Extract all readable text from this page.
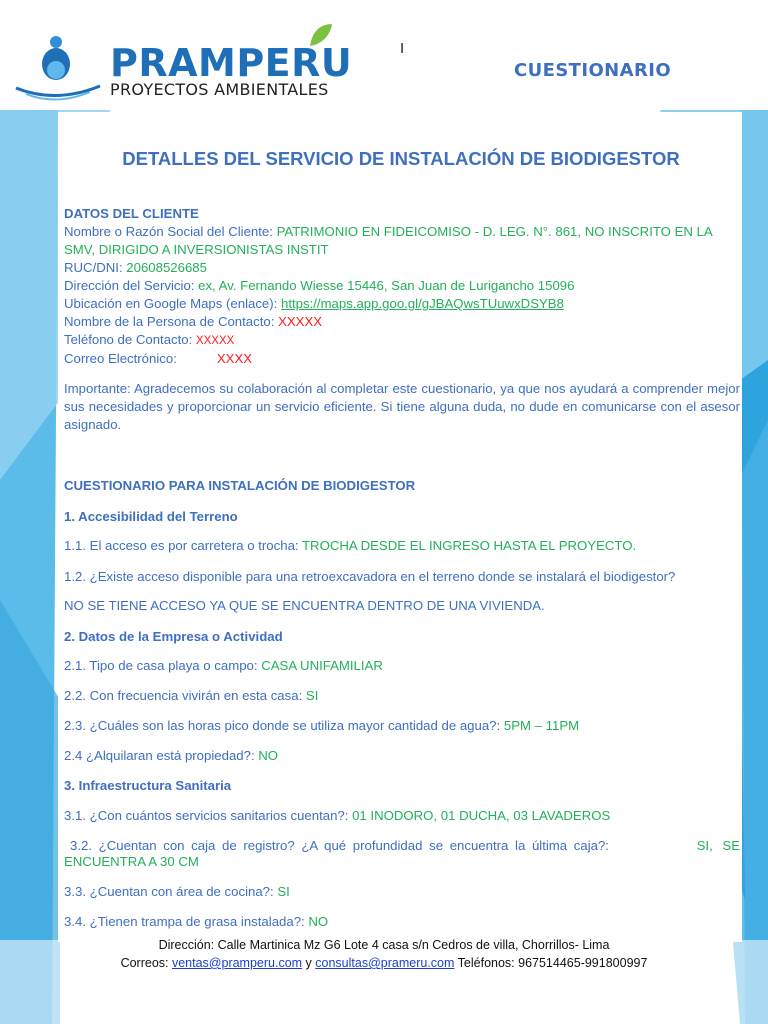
PRAMPERU
PROYECTOS AMBIENTALES
I
CUESTIONARIO
DETALLES DEL SERVICIO DE INSTALACIÓN DE BIODIGESTOR
DATOS DEL CLIENTE
Nombre o Razón Social del Cliente: PATRIMONIO EN FIDEICOMISO - D. LEG. N°. 861, NO INSCRITO EN LA SMV, DIRIGIDO A INVERSIONISTAS INSTIT
RUC/DNI: 20608526685
Dirección del Servicio: ex, Av. Fernando Wiesse 15446, San Juan de Lurigancho 15096
Ubicación en Google Maps (enlace): https://maps.app.goo.gl/gJBAQwsTUuwxDSYB8
Nombre de la Persona de Contacto: XXXXX
Teléfono de Contacto: XXXXX
Correo Electrónico:	XXXX
Importante: Agradecemos su colaboración al completar este cuestionario, ya que nos ayudará a comprender mejor sus necesidades y proporcionar un servicio eficiente. Si tiene alguna duda, no dude en comunicarse con el asesor asignado.
CUESTIONARIO PARA INSTALACIÓN DE BIODIGESTOR
1. Accesibilidad del Terreno
1.1. El acceso es por carretera o trocha: TROCHA DESDE EL INGRESO HASTA EL PROYECTO.
1.2. ¿Existe acceso disponible para una retroexcavadora en el terreno donde se instalará el biodigestor?
NO SE TIENE ACCESO YA QUE SE ENCUENTRA DENTRO DE UNA VIVIENDA.
2. Datos de la Empresa o Actividad
2.1. Tipo de casa playa o campo: CASA UNIFAMILIAR
2.2. Con frecuencia vivirán en esta casa: SI
2.3. ¿Cuáles son las horas pico donde se utiliza mayor cantidad de agua?: 5PM – 11PM
2.4 ¿Alquilaran está propiedad?: NO
3. Infraestructura Sanitaria
3.1. ¿Con cuántos servicios sanitarios cuentan?: 01 INODORO, 01 DUCHA, 03 LAVADEROS
3.2. ¿Cuentan con caja de registro? ¿A qué profundidad se encuentra la última caja?:	SI, SE
ENCUENTRA A 30 CM
3.3. ¿Cuentan con área de cocina?: SI
3.4. ¿Tienen trampa de grasa instalada?: NO
Dirección: Calle Martinica Mz G6 Lote 4 casa s/n Cedros de villa, Chorrillos- Lima
Correos: ventas@pramperu.com y consultas@prameru.com Teléfonos: 967514465-991800997
